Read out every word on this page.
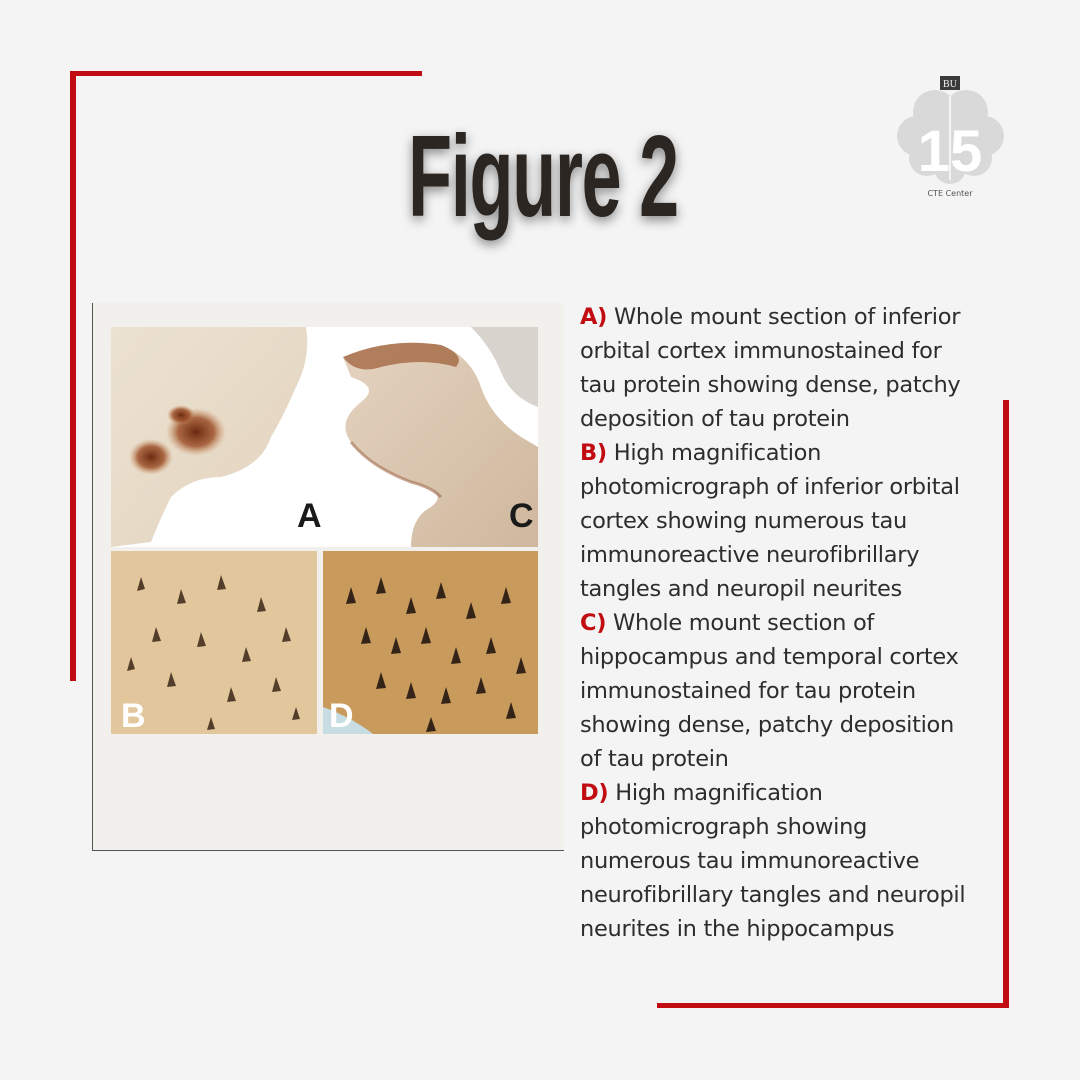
Figure 2
BU
15
CTE Center
A	C
B	D
A) Whole mount section of inferior
orbital cortex immunostained for
tau protein showing dense, patchy
deposition of tau protein
B) High magnification
photomicrograph of inferior orbital
cortex showing numerous tau
immunoreactive neurofibrillary
tangles and neuropil neurites
C) Whole mount section of
hippocampus and temporal cortex
immunostained for tau protein
showing dense, patchy deposition
of tau protein
D) High magnification
photomicrograph showing
numerous tau immunoreactive
neurofibrillary tangles and neuropil
neurites in the hippocampus
